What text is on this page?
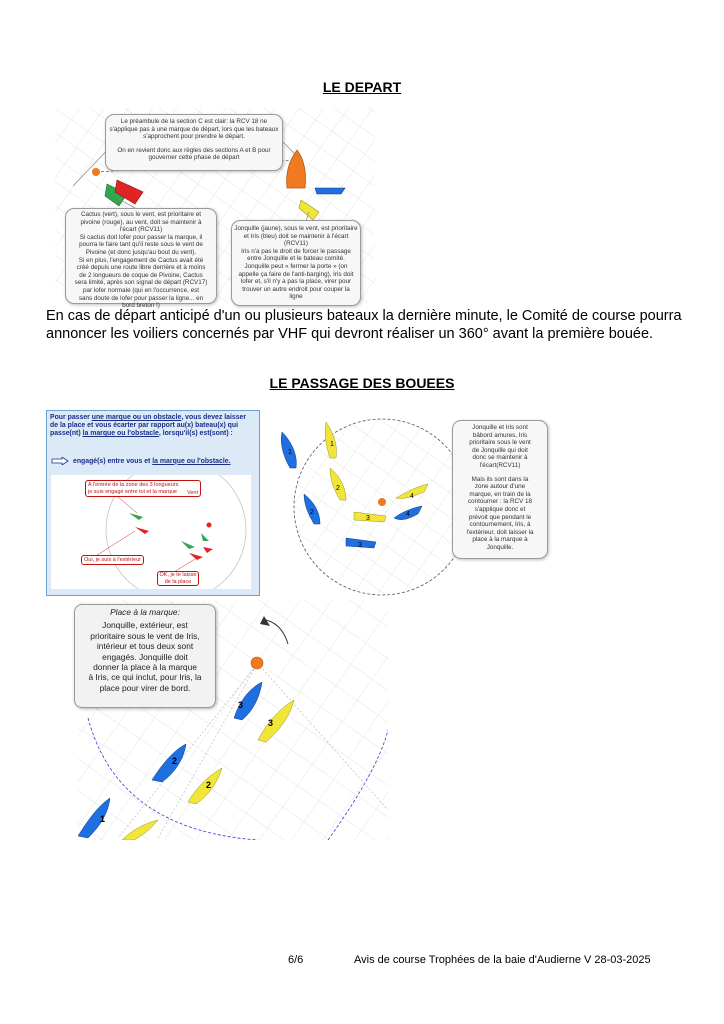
LE DEPART
Le préambule de la section C est clair: la RCV 18 ne
s'applique pas à une marque de départ, lors que les bateaux
s'approchent pour prendre le départ.
On en revient donc aux règles des sections A et B pour
gouverner cette phase de départ
Cactus (vert), sous le vent, est prioritaire et
pivoine (rouge), au vent, doit se maintenir à
l'écart (RCV11)
Si cactus doit lofer pour passer la marque, il
pourra le faire tant qu'il reste sous le vent de
Pivoine (et donc jusqu'au bout du vent).
Si en plus, l'engagement de Cactus avait été
créé depuis une route libre derrière et à moins
de 2 longueurs de coque de Pivoine, Cactus
sera limité, après son signal de départ (RCV17)
par lofer normale (qui en l'occurrence, est
sans doute de lofer pour passer la ligne... en
bord breton !)
Jonquille (jaune), sous le vent, est prioritaire
et Iris (bleu) doit se maintenir à l'écart
(RCV11)
Iris n'a pas le droit de forcer le passage
entre Jonquille et le bateau comité.
Jonquille peut « fermer la porte » (on
appelle ça faire de l'anti-barging), Iris doit
lofer et, s'il n'y a pas la place, virer pour
trouver un autre endroit pour couper la
ligne
En cas de départ anticipé d'un ou plusieurs bateaux la dernière minute, le Comité de course pourra annoncer les voiliers concernés par VHF qui devront réaliser un 360° avant la première bouée.
LE PASSAGE DES BOUEES
Pour passer une marque ou un obstacle, vous devez laisser de la place et vous écarter par rapport au(x) bateau(x) qui passe(nt) la marque ou l'obstacle, lorsqu'il(s) est(sont) :
engagé(s) entre vous et la marque ou l'obstacle.
A l'entrée de la zone des 3 longueurs
je suis engagé entre toi et la marque
Oui, je suis à l'extérieur
OK, je te laisse
de la place
Vent
1
2
3
4
1
2
3
4
Jonquille et Iris sont
bâbord amures, Iris
prioritaire sous le vent
de Jonquille qui doit
donc se maintenir à
l'écart(RCV11)
Mais ils sont dans la
zone autour d'une
marque, en train de la
contourner : la RCV 18
s'applique donc et
prévoit que pendant le
contournement, Iris, à
l'extérieur, doit laisser la
place à la marque à
Jonquille.
3
3
2
2
1
Place à la marque:
Jonquille, extérieur, est
prioritaire sous le vent de Iris,
intérieur et tous deux sont
engagés. Jonquille doit
donner la place à la marque
à Iris, ce qui inclut, pour Iris, la
place pour virer de bord.
6/6	Avis de course Trophées de la baie d'Audierne V 28-03-2025
